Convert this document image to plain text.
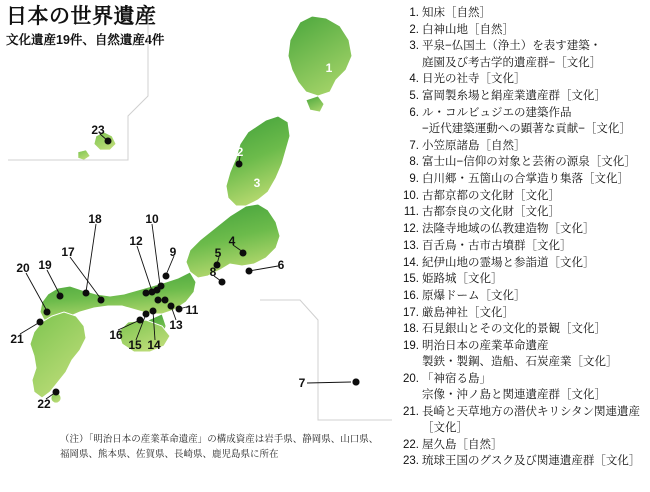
日本の世界遺産
文化遺産19件、自然遺産4件
1
2
3
4
5
6
7
8
9
10
11
12
13
14
15
16
17
18
19
20
21
22
23
（注）「明治日本の産業革命遺産」の構成資産は岩手県、静岡県、山口県、福岡県、熊本県、佐賀県、長崎県、鹿児島県に所在
1. 知床［自然］
2. 白神山地［自然］
3. 平泉−仏国土（浄土）を表す建築・
庭園及び考古学的遺産群−［文化］
4. 日光の社寺［文化］
5. 富岡製糸場と絹産業遺産群［文化］
6. ル・コルビュジエの建築作品
−近代建築運動への顕著な貢献−［文化］
7. 小笠原諸島［自然］
8. 富士山−信仰の対象と芸術の源泉［文化］
9. 白川郷・五箇山の合掌造り集落［文化］
10. 古都京都の文化財［文化］
11. 古都奈良の文化財［文化］
12. 法隆寺地域の仏教建造物［文化］
13. 百舌鳥・古市古墳群［文化］
14. 紀伊山地の霊場と参詣道［文化］
15. 姫路城［文化］
16. 原爆ドーム［文化］
17. 厳島神社［文化］
18. 石見銀山とその文化的景観［文化］
19. 明治日本の産業革命遺産
製鉄・製鋼、造船、石炭産業［文化］
20. 「神宿る島」
宗像・沖ノ島と関連遺産群［文化］
21. 長崎と天草地方の潜伏キリシタン関連遺産［文化］
22. 屋久島［自然］
23. 琉球王国のグスク及び関連遺産群［文化］
